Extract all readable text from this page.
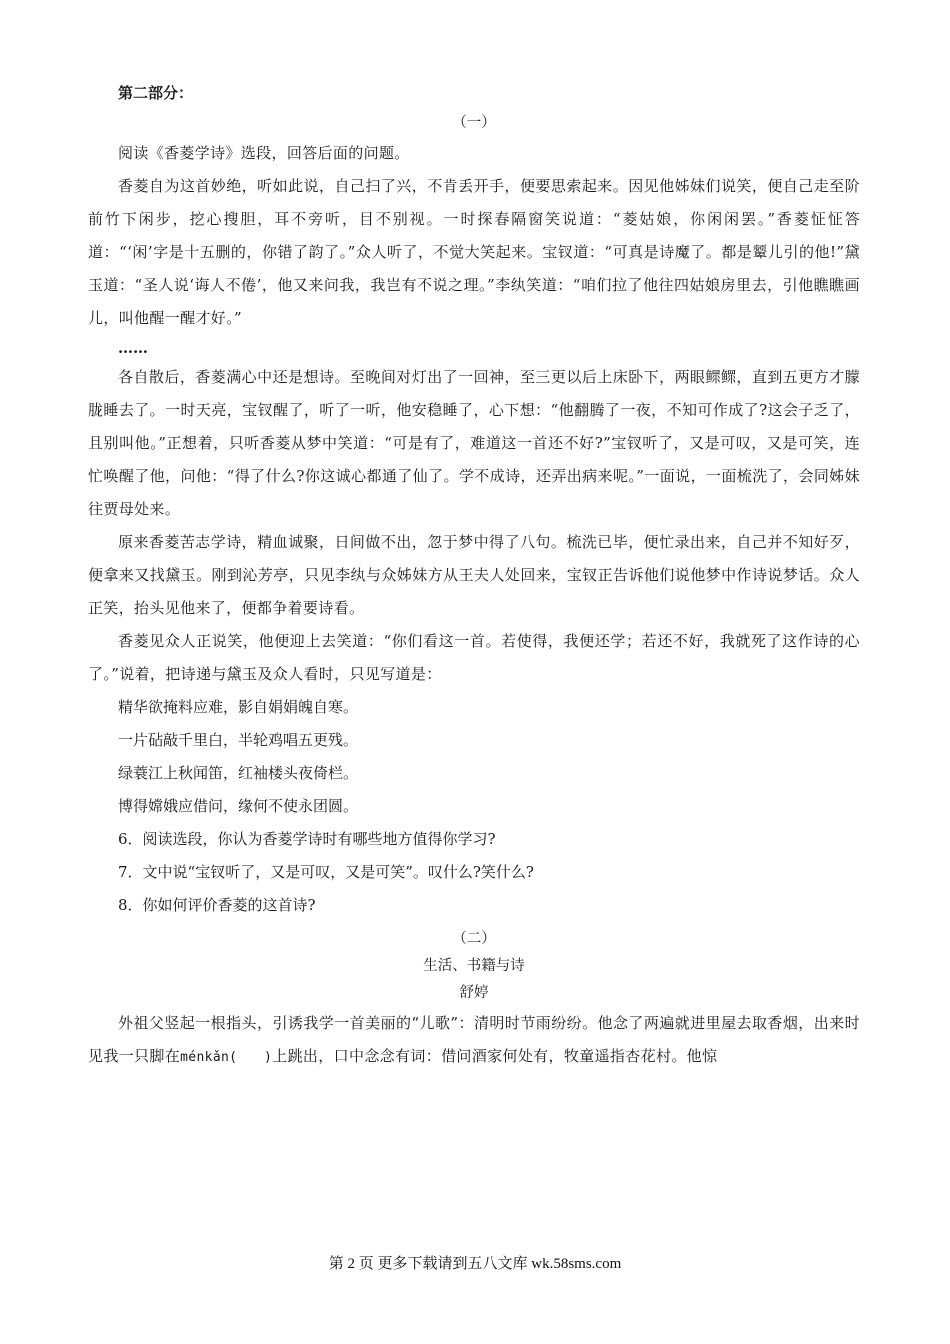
第二部分：

（一）

阅读《香菱学诗》选段，回答后面的问题。

香菱自为这首妙绝，听如此说，自己扫了兴，不肯丢开手，便要思索起来。因见他姊妹们说笑，便自己走至阶前竹下闲步，挖心搜胆，耳不旁听，目不别视。一时探春隔窗笑说道：“菱姑娘，你闲闲罢。”香菱怔怔答道：“‘闲’字是十五删的，你错了韵了。”众人听了，不觉大笑起来。宝钗道：“可真是诗魔了。都是颦儿引的他!”黛玉道：“圣人说‘诲人不倦’，他又来问我，我岂有不说之理。”李纨笑道：“咱们拉了他往四姑娘房里去，引他瞧瞧画儿，叫他醒一醒才好。”

……

各自散后，香菱满心中还是想诗。至晚间对灯出了一回神，至三更以后上床卧下，两眼鳏鳏，直到五更方才朦胧睡去了。一时天亮，宝钗醒了，听了一听，他安稳睡了，心下想：“他翻腾了一夜，不知可作成了?这会子乏了，且别叫他。”正想着，只听香菱从梦中笑道：“可是有了，难道这一首还不好?”宝钗听了，又是可叹，又是可笑，连忙唤醒了他，问他：“得了什么?你这诚心都通了仙了。学不成诗，还弄出病来呢。”一面说，一面梳洗了，会同姊妹往贾母处来。

原来香菱苦志学诗，精血诚聚，日间做不出，忽于梦中得了八句。梳洗已毕，便忙录出来，自己并不知好歹，便拿来又找黛玉。刚到沁芳亭，只见李纨与众姊妹方从王夫人处回来，宝钗正告诉他们说他梦中作诗说梦话。众人正笑，抬头见他来了，便都争着要诗看。

香菱见众人正说笑，他便迎上去笑道：“你们看这一首。若使得，我便还学；若还不好，我就死了这作诗的心了。”说着，把诗递与黛玉及众人看时，只见写道是：

精华欲掩料应难，影自娟娟魄自寒。

一片砧敲千里白，半轮鸡唱五更残。

绿蓑江上秋闻笛，红袖楼头夜倚栏。

博得嫦娥应借问，缘何不使永团圆。

6．阅读选段，你认为香菱学诗时有哪些地方值得你学习?

7．文中说“宝钗听了，又是可叹，又是可笑”。叹什么?笑什么?

8．你如何评价香菱的这首诗?

（二）

生活、书籍与诗

舒婷

外祖父竖起一根指头，引诱我学一首美丽的“儿歌”：清明时节雨纷纷。他念了两遍就进里屋去取香烟，出来时见我一只脚在ménkǎn(　　)上跳出，口中念念有词：借问酒家何处有，牧童遥指杏花村。他惊

第 2 页 更多下载请到五八文库 wk.58sms.com
